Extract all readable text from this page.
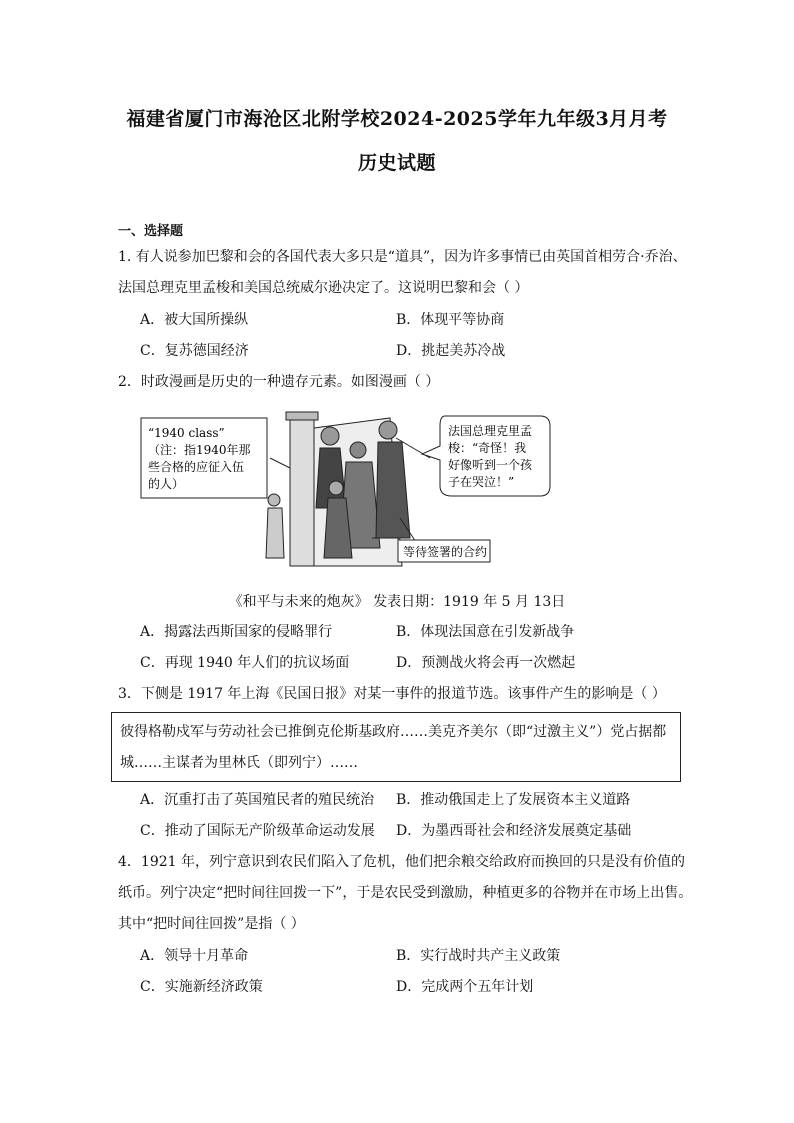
福建省厦门市海沧区北附学校2024-2025学年九年级3月月考
历史试题
一、选择题
1. 有人说参加巴黎和会的各国代表大多只是“道具”，因为许多事情已由英国首相劳合·乔治、
法国总理克里孟梭和美国总统威尔逊决定了。这说明巴黎和会（ ）
A．被大国所操纵	B．体现平等协商
C．复苏德国经济	D．挑起美苏冷战
2．时政漫画是历史的一种遗存元素。如图漫画（ ）
“1940 class”
（注：指1940年那
些合格的应征入伍
的人）
法国总理克里孟
梭：“奇怪！我
好像听到一个孩
子在哭泣！”
等待签署的合约
《和平与未来的炮灰》 发表日期：1919 年 5 月 13日
A．揭露法西斯国家的侵略罪行	B．体现法国意在引发新战争
C．再现 1940 年人们的抗议场面	D．预测战火将会再一次燃起
3．下侧是 1917 年上海《民国日报》对某一事件的报道节选。该事件产生的影响是（ ）
彼得格勒戍军与劳动社会已推倒克伦斯基政府……美克齐美尔（即“过激主义”）党占据都
城……主谋者为里林氏（即列宁）……
A．沉重打击了英国殖民者的殖民统治 B．推动俄国走上了发展资本主义道路
C．推动了国际无产阶级革命运动发展 D．为墨西哥社会和经济发展奠定基础
4．1921 年，列宁意识到农民们陷入了危机，他们把余粮交给政府而换回的只是没有价值的
纸币。列宁决定“把时间往回拨一下”，于是农民受到激励，种植更多的谷物并在市场上出售。
其中“把时间往回拨”是指（ ）
A．领导十月革命	B．实行战时共产主义政策
C．实施新经济政策	D．完成两个五年计划
